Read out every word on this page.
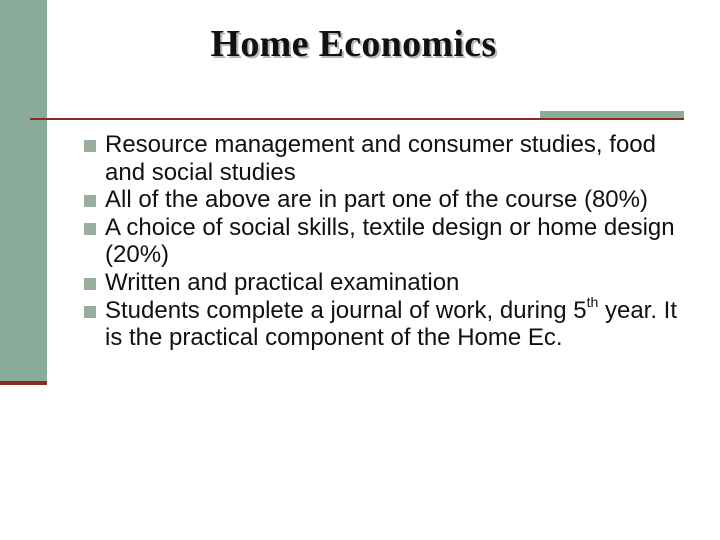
Home Economics
Resource management and consumer studies, food and social studies
All of the above are in part one of the course (80%)
A choice of social skills, textile design or home design (20%)
Written and practical examination
Students complete a journal of work, during 5th year. It is the practical component of the Home Ec.
